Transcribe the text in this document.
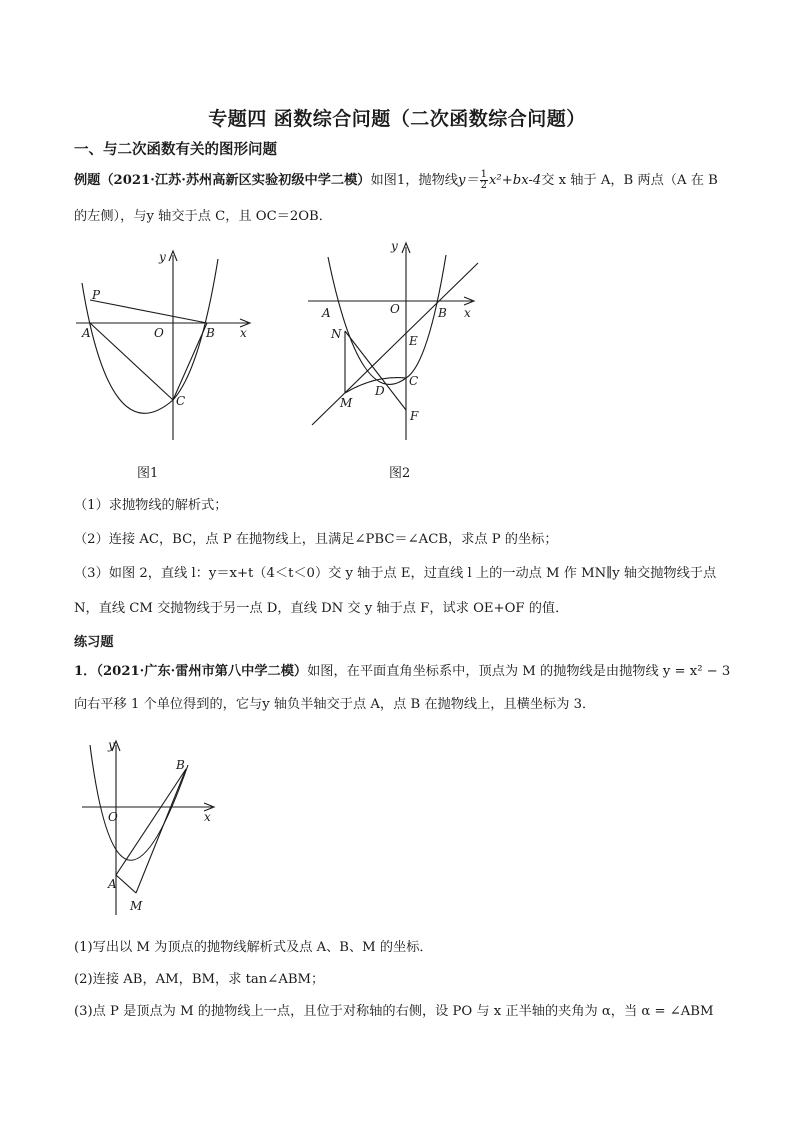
专题四 函数综合问题（二次函数综合问题）
一、与二次函数有关的图形问题
例题（2021·江苏·苏州高新区实验初级中学二模）如图1，抛物线$y= \frac{1}{2} x^2+bx-4$交 x 轴于 A，B 两点（A 在 B
的左侧），与y 轴交于点 C，且 OC＝2OB．
y
x
P
A	O	B
C
图1
y
x
A	O	B
N	E
D
C
M
F
图2
（1）求抛物线的解析式；
（2）连接 AC，BC，点 P 在抛物线上，且满足∠PBC＝∠ACB，求点 P 的坐标；
（3）如图 2，直线 l：y＝x+t（4＜t＜0）交 y 轴于点 E，过直线 l 上的一动点 M 作 MN∥y 轴交抛物线于点
N，直线 CM 交抛物线于另一点 D，直线 DN 交 y 轴于点 F，试求 OE+OF 的值．
练习题
1．（2021·广东·雷州市第八中学二模）如图，在平面直角坐标系中，顶点为 M 的抛物线是由抛物线 y = x² − 3
向右平移 1 个单位得到的，它与y 轴负半轴交于点 A，点 B 在抛物线上，且横坐标为 3．
y
x
O
A
B
M
(1)写出以 M 为顶点的抛物线解析式及点 A、B、M 的坐标．
(2)连接 AB，AM，BM，求 tan∠ABM；
(3)点 P 是顶点为 M 的抛物线上一点，且位于对称轴的右侧，设 PO 与 x 正半轴的夹角为 α，当 α = ∠ABM
